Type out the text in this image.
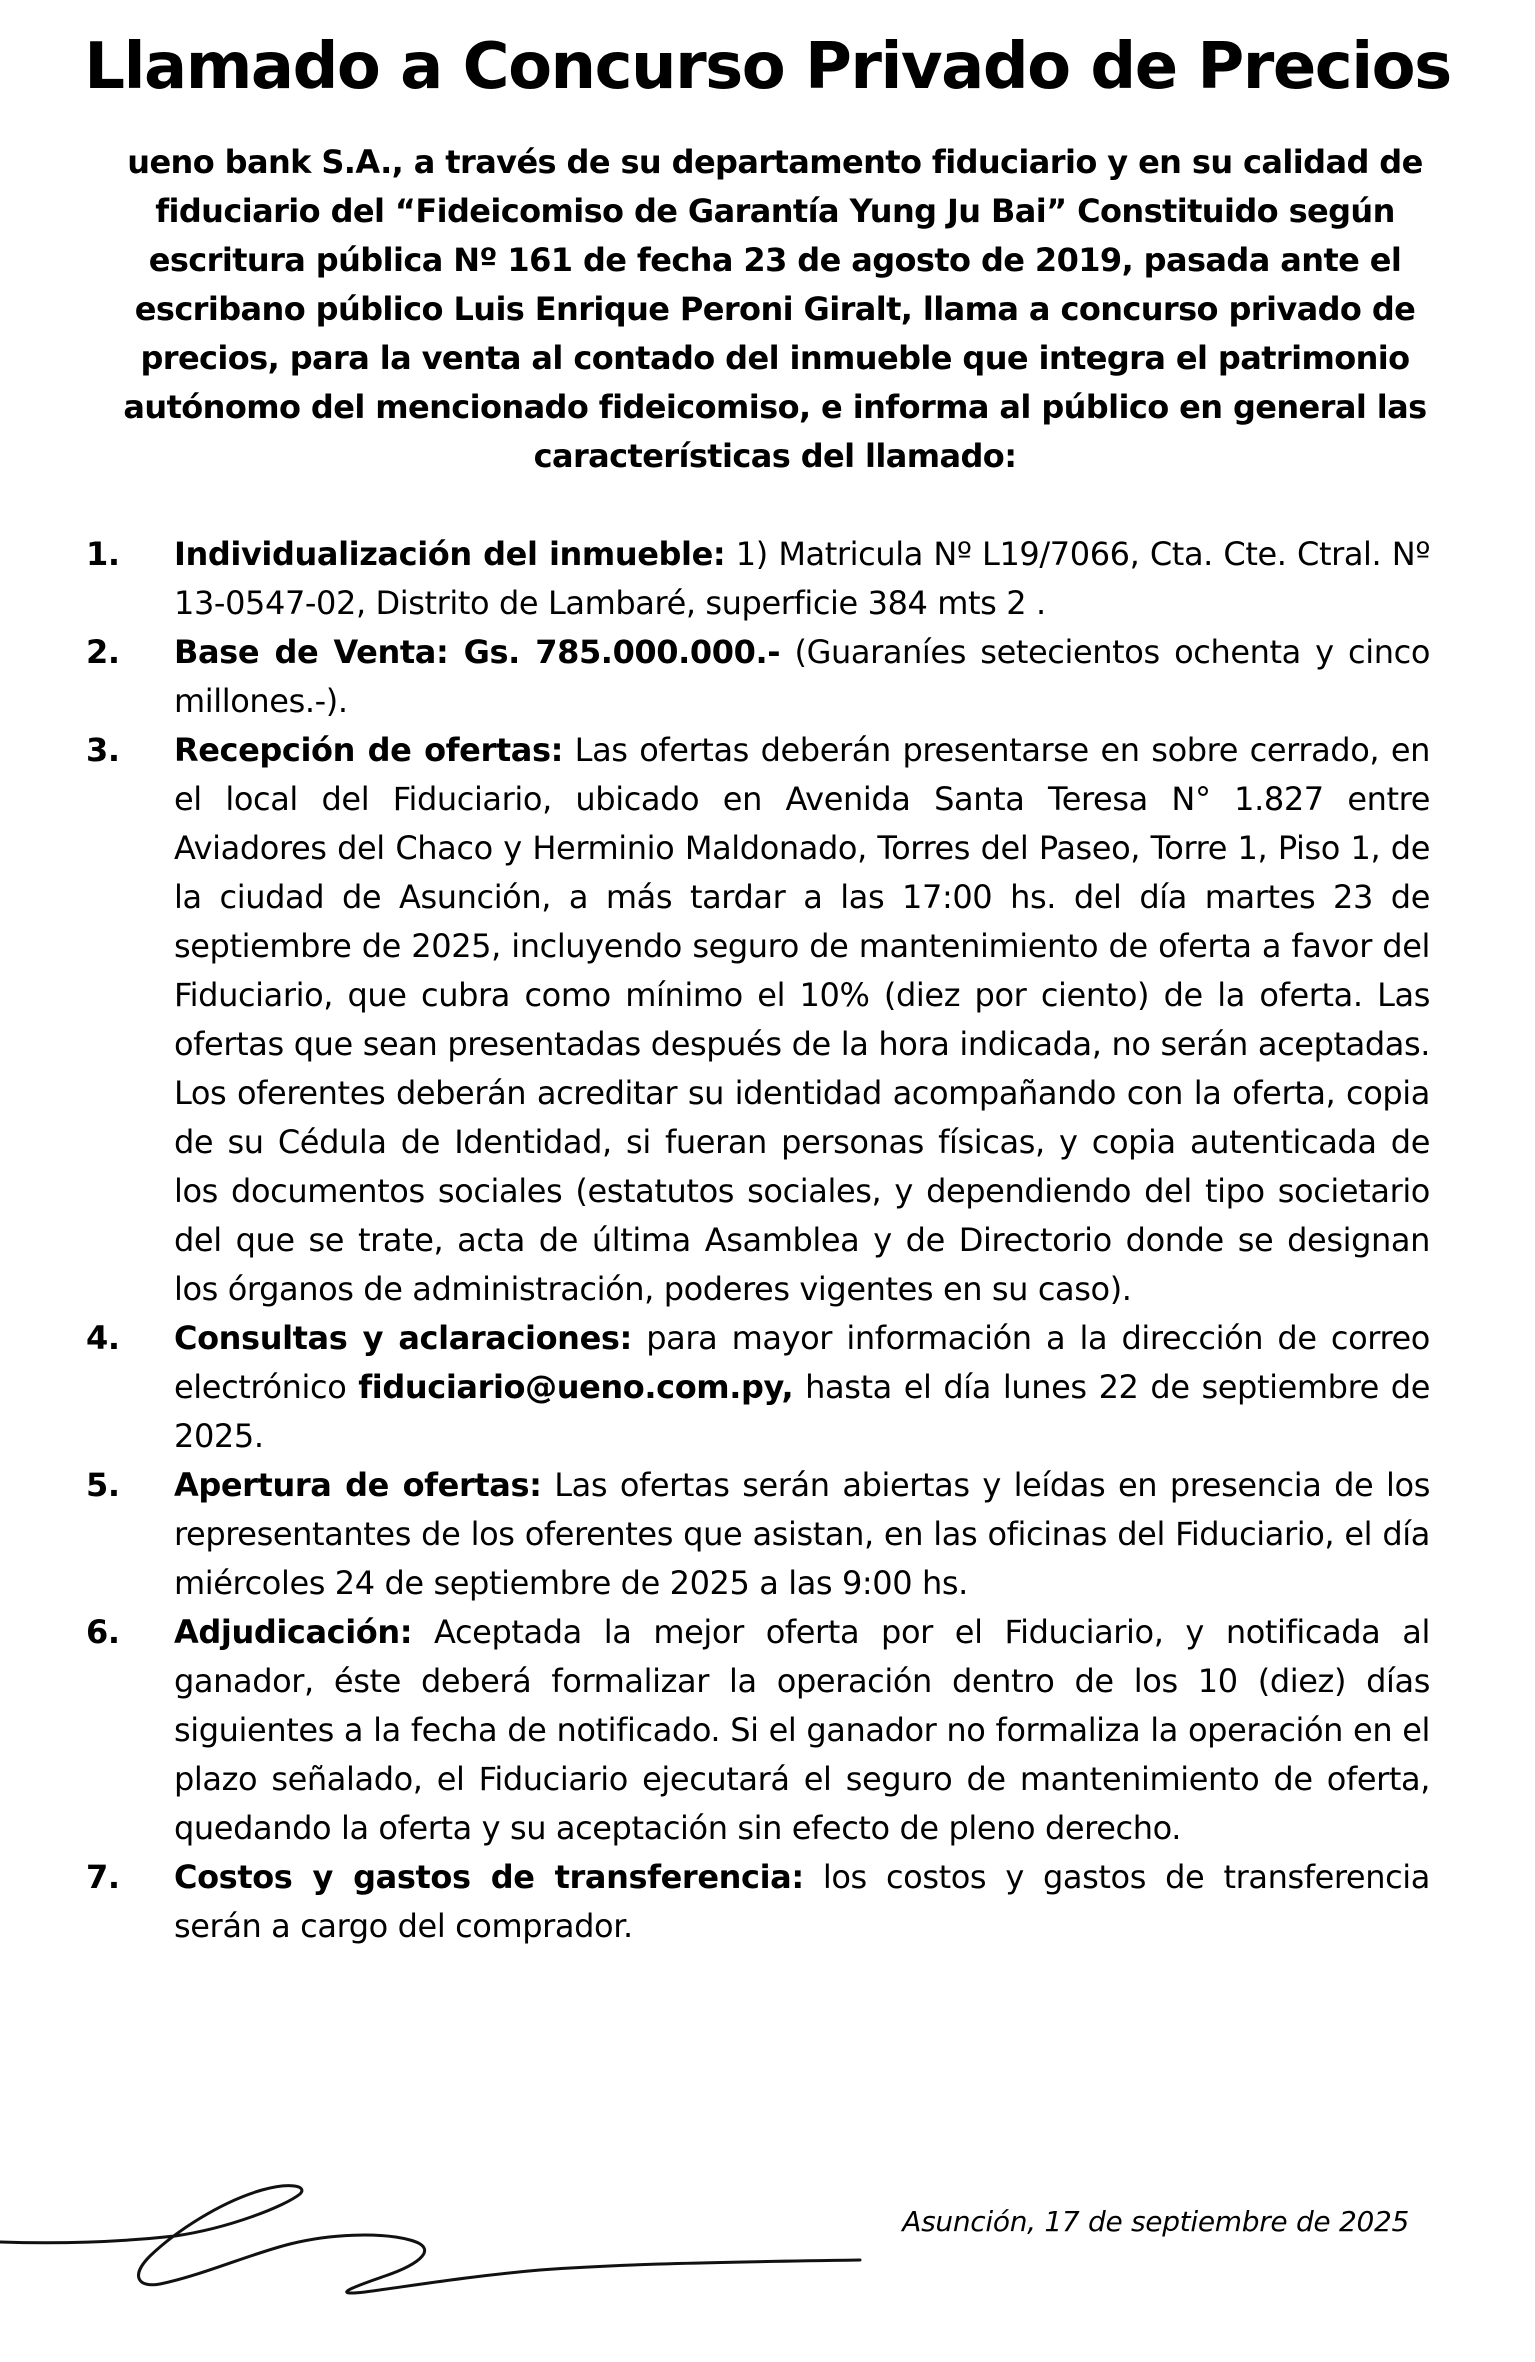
Llamado a Concurso Privado de Precios

ueno bank S.A., a través de su departamento fiduciario y en su calidad de fiduciario del “Fideicomiso de Garantía Yung Ju Bai” Constituido según escritura pública Nº 161 de fecha 23 de agosto de 2019, pasada ante el escribano público Luis Enrique Peroni Giralt, llama a concurso privado de precios, para la venta al contado del inmueble que integra el patrimonio autónomo del mencionado fideicomiso, e informa al público en general las características del llamado:

1. Individualización del inmueble: 1) Matricula Nº L19/7066, Cta. Cte. Ctral. Nº 13-0547-02, Distrito de Lambaré, superficie 384 mts 2 .
2. Base de Venta: Gs. 785.000.000.- (Guaraníes setecientos ochenta y cinco millones.-).
3. Recepción de ofertas: Las ofertas deberán presentarse en sobre cerrado, en el local del Fiduciario, ubicado en Avenida Santa Teresa N° 1.827 entre Aviadores del Chaco y Herminio Maldonado, Torres del Paseo, Torre 1, Piso 1, de la ciudad de Asunción, a más tardar a las 17:00 hs. del día martes 23 de septiembre de 2025, incluyendo seguro de mantenimiento de oferta a favor del Fiduciario, que cubra como mínimo el 10% (diez por ciento) de la oferta. Las ofertas que sean presentadas después de la hora indicada, no serán aceptadas. Los oferentes deberán acreditar su identidad acompañando con la oferta, copia de su Cédula de Identidad, si fueran personas físicas, y copia autenticada de los documentos sociales (estatutos sociales, y dependiendo del tipo societario del que se trate, acta de última Asamblea y de Directorio donde se designan los órganos de administración, poderes vigentes en su caso).
4. Consultas y aclaraciones: para mayor información a la dirección de correo electrónico fiduciario@ueno.com.py, hasta el día lunes 22 de septiembre de 2025.
5. Apertura de ofertas: Las ofertas serán abiertas y leídas en presencia de los representantes de los oferentes que asistan, en las oficinas del Fiduciario, el día miércoles 24 de septiembre de 2025 a las 9:00 hs.
6. Adjudicación: Aceptada la mejor oferta por el Fiduciario, y notificada al ganador, éste deberá formalizar la operación dentro de los 10 (diez) días siguientes a la fecha de notificado. Si el ganador no formaliza la operación en el plazo señalado, el Fiduciario ejecutará el seguro de mantenimiento de oferta, quedando la oferta y su aceptación sin efecto de pleno derecho.
7. Costos y gastos de transferencia: los costos y gastos de transferencia serán a cargo del comprador.
Asunción, 17 de septiembre de 2025
